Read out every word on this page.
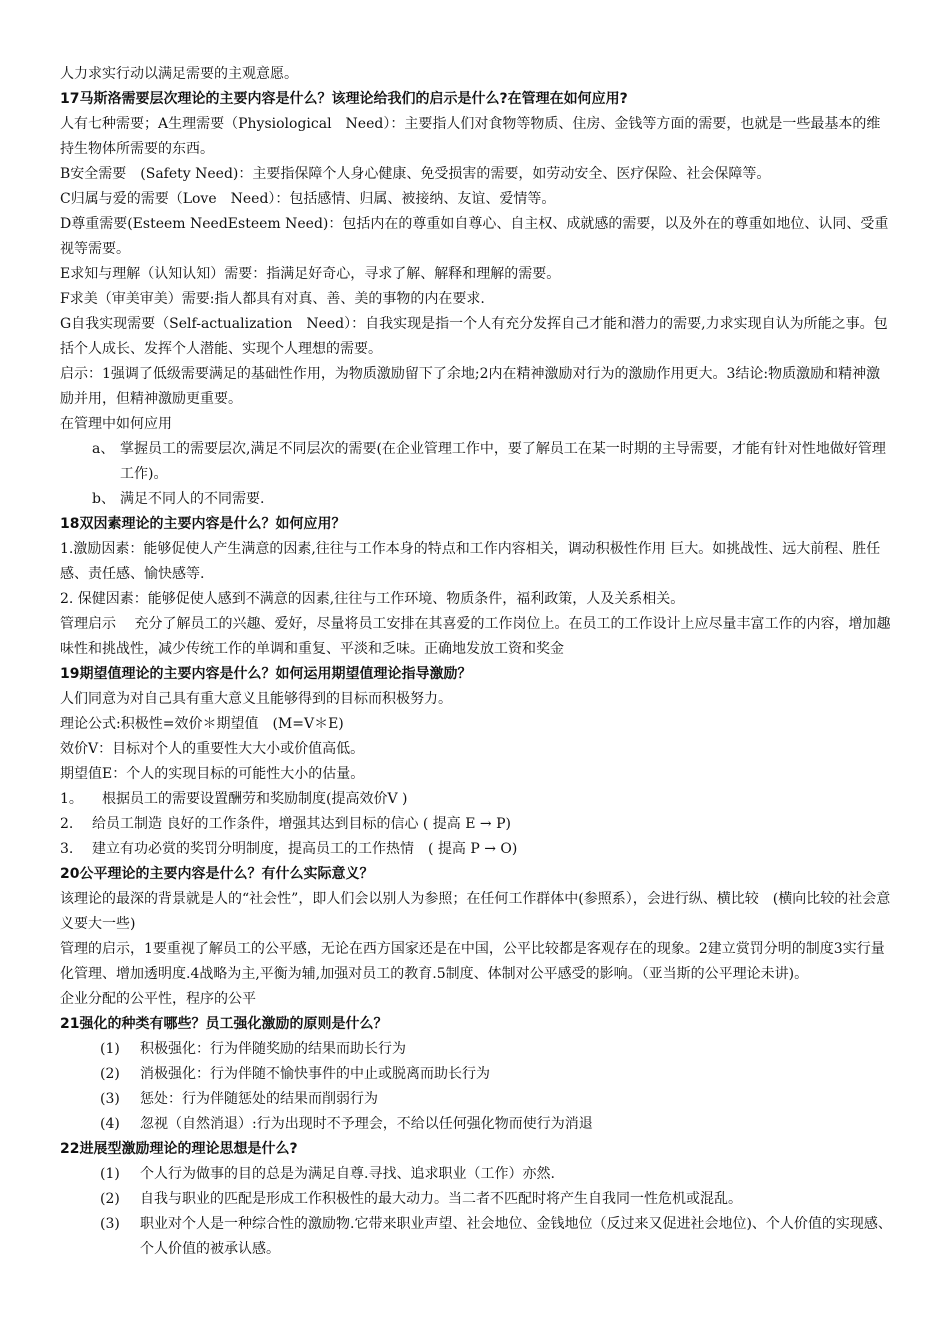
人力求实行动以满足需要的主观意愿。

17马斯洛需要层次理论的主要内容是什么？该理论给我们的启示是什么?在管理在如何应用?

人有七种需要；A生理需要（Physiological　Need）：主要指人们对食物等物质、住房、金钱等方面的需要，也就是一些最基本的维持生物体所需要的东西。

B安全需要　(Safety Need)：主要指保障个人身心健康、免受损害的需要，如劳动安全、医疗保险、社会保障等。

C归属与爱的需要（Love　Need）：包括感情、归属、被接纳、友谊、爱情等。

D尊重需要(Esteem NeedEsteem Need)：包括内在的尊重如自尊心、自主权、成就感的需要，以及外在的尊重如地位、认同、受重视等需要。

E求知与理解（认知认知）需要：指满足好奇心，寻求了解、解释和理解的需要。

F求美（审美审美）需要:指人都具有对真、善、美的事物的内在要求.

G自我实现需要（Self-actualization　Need）：自我实现是指一个人有充分发挥自己才能和潜力的需要,力求实现自认为所能之事。包括个人成长、发挥个人潜能、实现个人理想的需要。

启示：1强调了低级需要满足的基础性作用，为物质激励留下了余地;2内在精神激励对行为的激励作用更大。3结论:物质激励和精神激励并用，但精神激励更重要。

在管理中如何应用

a、 掌握员工的需要层次,满足不同层次的需要(在企业管理工作中，要了解员工在某一时期的主导需要，才能有针对性地做好管理工作)。
b、 满足不同人的不同需要.

18双因素理论的主要内容是什么？如何应用？

1.激励因素：能够促使人产生满意的因素,往往与工作本身的特点和工作内容相关，调动积极性作用 巨大。如挑战性、远大前程、胜任感、责任感、愉快感等.

2. 保健因素：能够促使人感到不满意的因素,往往与工作环境、物质条件，福利政策，人及关系相关。

管理启示　 充分了解员工的兴趣、爱好，尽量将员工安排在其喜爱的工作岗位上。在员工的工作设计上应尽量丰富工作的内容，增加趣味性和挑战性，减少传统工作的单调和重复、平淡和乏味。正确地发放工资和奖金

19期望值理论的主要内容是什么？如何运用期望值理论指导激励？

人们同意为对自己具有重大意义且能够得到的目标而积极努力。

理论公式:积极性=效价＊期望值　(M=V＊E)

效价V：目标对个人的重要性大大小或价值高低。

期望值E：个人的实现目标的可能性大小的估量。

1。 根据员工的需要设置酬劳和奖励制度(提高效价V )
2. 给员工制造 良好的工作条件，增强其达到目标的信心 ( 提高 E → P)
3. 建立有功必赏的奖罚分明制度，提高员工的工作热情　( 提高 P → O)

20公平理论的主要内容是什么？有什么实际意义？

该理论的最深的背景就是人的“社会性”，即人们会以别人为参照；在任何工作群体中(参照系），会进行纵、横比较　(横向比较的社会意义要大一些)

管理的启示，1要重视了解员工的公平感，无论在西方国家还是在中国，公平比较都是客观存在的现象。2建立赏罚分明的制度3实行量化管理、增加透明度.4战略为主,平衡为辅,加强对员工的教育.5制度、体制对公平感受的影响。（亚当斯的公平理论未讲)。

企业分配的公平性，程序的公平

21强化的种类有哪些？员工强化激励的原则是什么？

(1) 积极强化：行为伴随奖励的结果而助长行为
(2) 消极强化：行为伴随不愉快事件的中止或脱离而助长行为
(3) 惩处：行为伴随惩处的结果而削弱行为
(4) 忽视（自然消退）:行为出现时不予理会，不给以任何强化物而使行为消退

22进展型激励理论的理论思想是什么?

(1) 个人行为做事的目的总是为满足自尊.寻找、追求职业（工作）亦然.
(2) 自我与职业的匹配是形成工作积极性的最大动力。当二者不匹配时将产生自我同一性危机或混乱。
(3) 职业对个人是一种综合性的激励物.它带来职业声望、社会地位、金钱地位（反过来又促进社会地位)、个人价值的实现感、个人价值的被承认感。
